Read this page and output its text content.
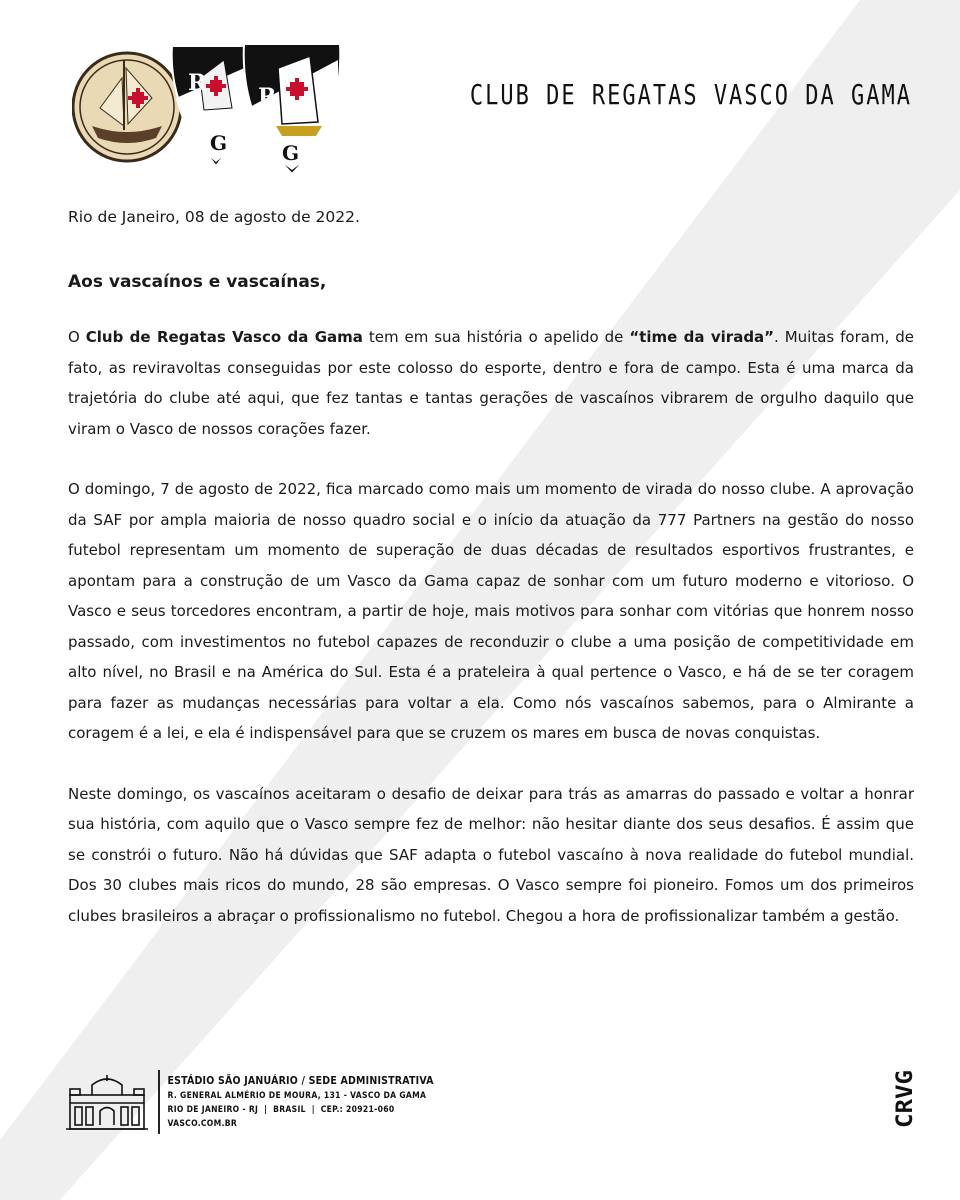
R
G
R
G
CLUB DE REGATAS VASCO DA GAMA

Rio de Janeiro, 08 de agosto de 2022.

Aos vascaínos e vascaínas,

O Club de Regatas Vasco da Gama tem em sua história o apelido de “time da virada”. Muitas foram, de fato, as reviravoltas conseguidas por este colosso do esporte, dentro e fora de campo. Esta é uma marca da trajetória do clube até aqui, que fez tantas e tantas gerações de vascaínos vibrarem de orgulho daquilo que viram o Vasco de nossos corações fazer.

O domingo, 7 de agosto de 2022, fica marcado como mais um momento de virada do nosso clube. A aprovação da SAF por ampla maioria de nosso quadro social e o início da atuação da 777 Partners na gestão do nosso futebol representam um momento de superação de duas décadas de resultados esportivos frustrantes, e apontam para a construção de um Vasco da Gama capaz de sonhar com um futuro moderno e vitorioso. O Vasco e seus torcedores encontram, a partir de hoje, mais motivos para sonhar com vitórias que honrem nosso passado, com investimentos no futebol capazes de reconduzir o clube a uma posição de competitividade em alto nível, no Brasil e na América do Sul. Esta é a prateleira à qual pertence o Vasco, e há de se ter coragem para fazer as mudanças necessárias para voltar a ela. Como nós vascaínos sabemos, para o Almirante a coragem é a lei, e ela é indispensável para que se cruzem os mares em busca de novas conquistas.

Neste domingo, os vascaínos aceitaram o desafio de deixar para trás as amarras do passado e voltar a honrar sua história, com aquilo que o Vasco sempre fez de melhor: não hesitar diante dos seus desafios. É assim que se constrói o futuro. Não há dúvidas que SAF adapta o futebol vascaíno à nova realidade do futebol mundial. Dos 30 clubes mais ricos do mundo, 28 são empresas. O Vasco sempre foi pioneiro. Fomos um dos primeiros clubes brasileiros a abraçar o profissionalismo no futebol. Chegou a hora de profissionalizar também a gestão.

ESTÁDIO SÃO JANUÁRIO / SEDE ADMINISTRATIVA
R. GENERAL ALMÉRIO DE MOURA, 131 - VASCO DA GAMA
RIO DE JANEIRO - RJ  |  BRASIL  |  CEP.: 20921-060
VASCO.COM.BR	CRVG
